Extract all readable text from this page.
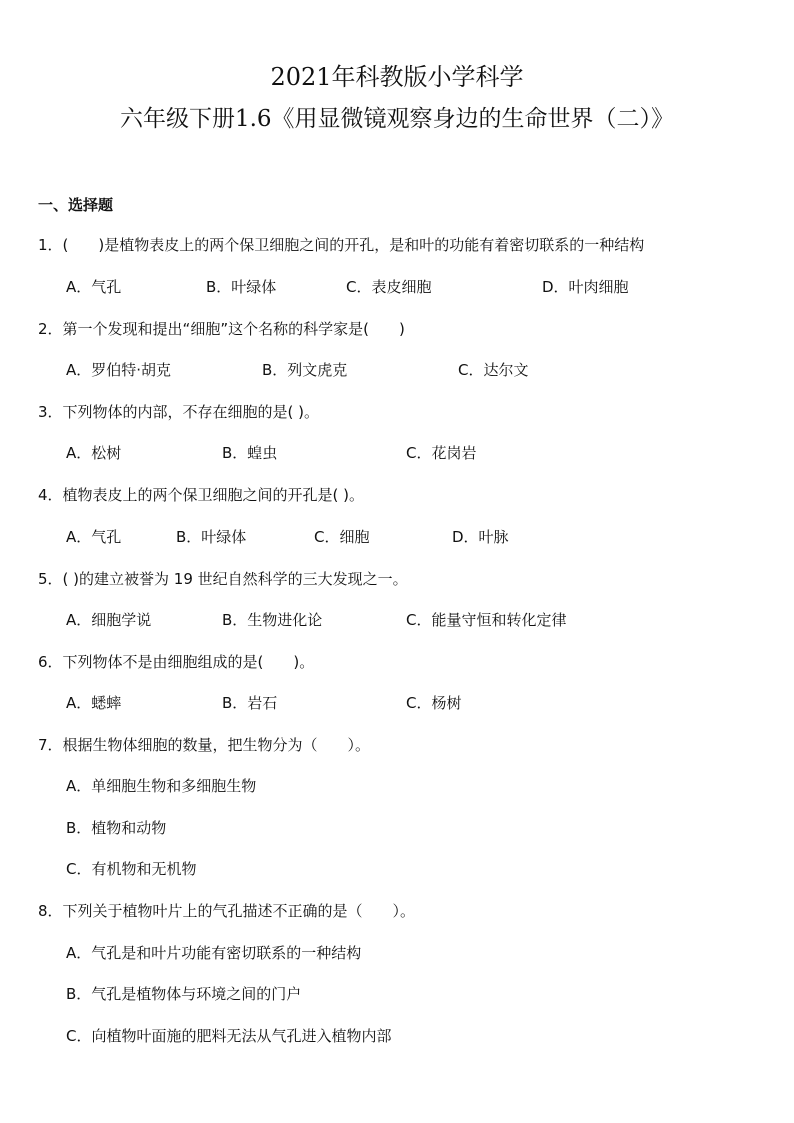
2021年科教版小学科学
六年级下册1.6《用显微镜观察身边的生命世界（二）》
一、选择题
1．(　　)是植物表皮上的两个保卫细胞之间的开孔，是和叶的功能有着密切联系的一种结构
A．气孔	B．叶绿体	C．表皮细胞	D．叶肉细胞
2．第一个发现和提出“细胞”这个名称的科学家是(　　)
A．罗伯特·胡克	B．列文虎克	C．达尔文
3．下列物体的内部，不存在细胞的是( )。
A．松树	B．蝗虫	C．花岗岩
4．植物表皮上的两个保卫细胞之间的开孔是( )。
A．气孔	B．叶绿体	C．细胞	D．叶脉
5．( )的建立被誉为 19 世纪自然科学的三大发现之一。
A．细胞学说	B．生物进化论	C．能量守恒和转化定律
6．下列物体不是由细胞组成的是(　　)。
A．蟋蟀	B．岩石	C．杨树
7．根据生物体细胞的数量，把生物分为（　　）。
A．单细胞生物和多细胞生物
B．植物和动物
C．有机物和无机物
8．下列关于植物叶片上的气孔描述不正确的是（　　）。
A．气孔是和叶片功能有密切联系的一种结构
B．气孔是植物体与环境之间的门户
C．向植物叶面施的肥料无法从气孔进入植物内部
